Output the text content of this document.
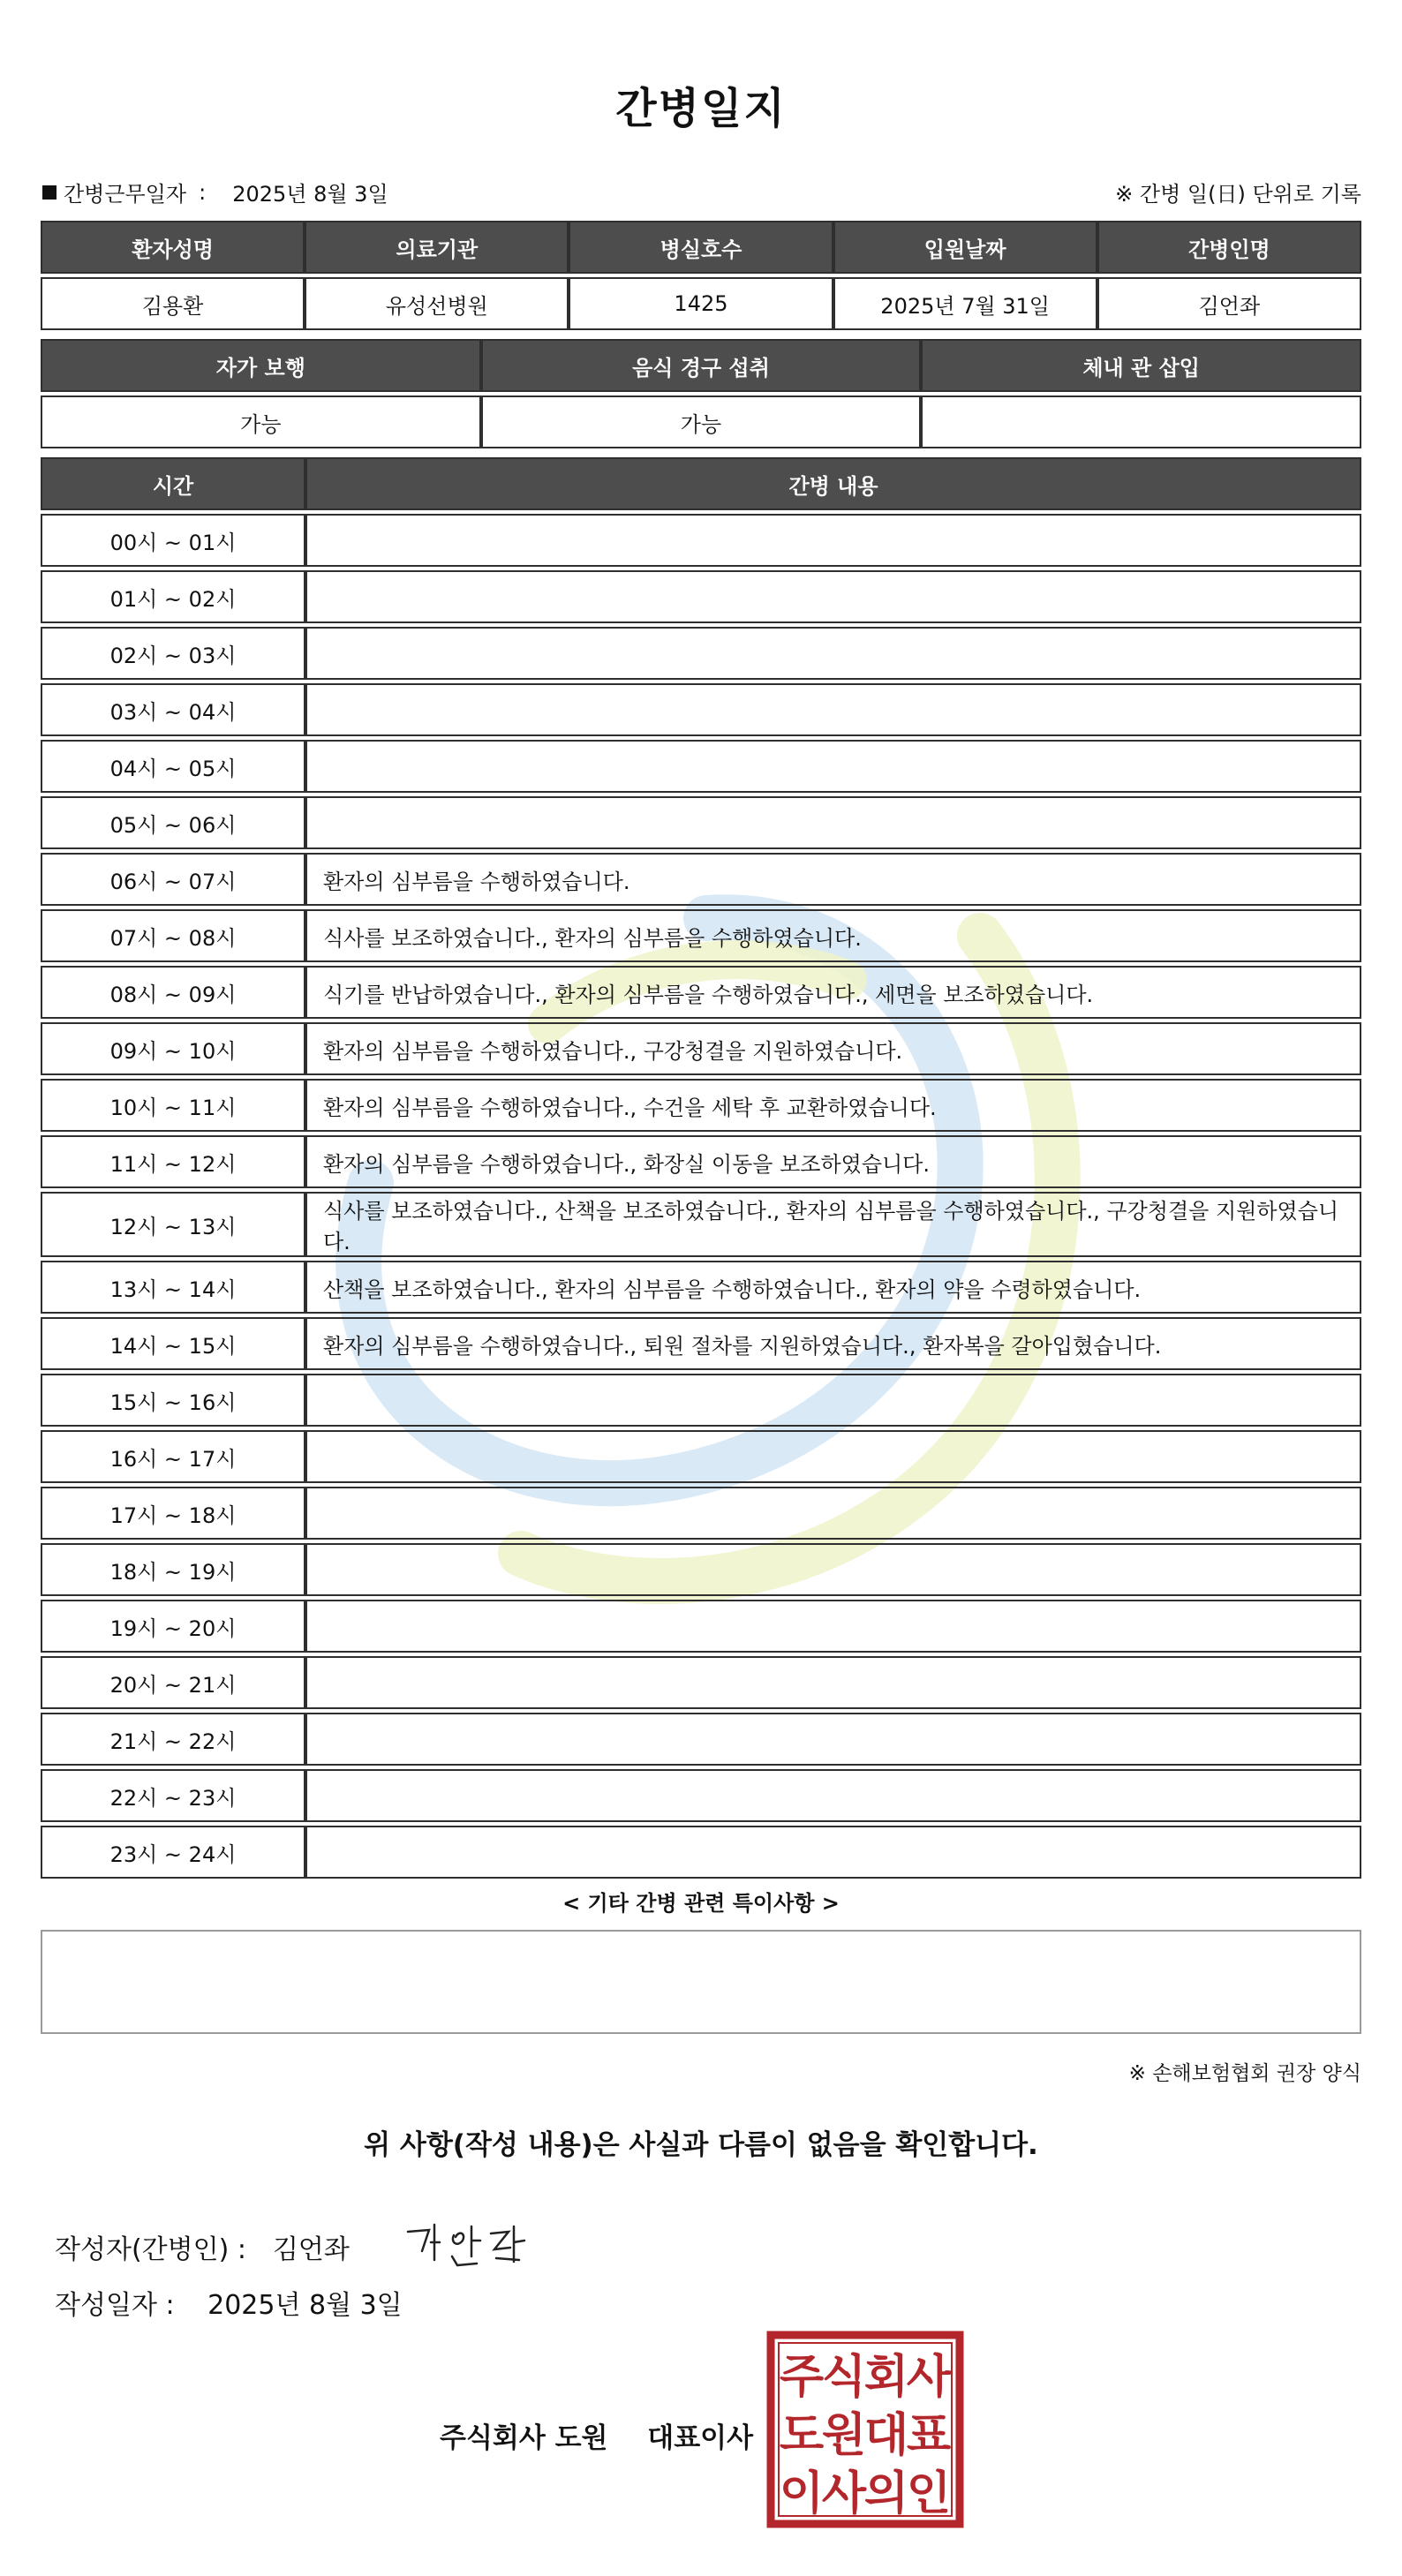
간병일지
간병근무일자 : 2025년 8월 3일	※ 간병 일(日) 단위로 기록
환자성명	의료기관	병실호수	입원날짜	간병인명
김용환	유성선병원	1425	2025년 7월 31일	김언좌
자가 보행	음식 경구 섭취	체내 관 삽입
가능	가능	
시간	간병 내용
00시 ~ 01시	
01시 ~ 02시	
02시 ~ 03시	
03시 ~ 04시	
04시 ~ 05시	
05시 ~ 06시	
06시 ~ 07시	환자의 심부름을 수행하였습니다.
07시 ~ 08시	식사를 보조하였습니다., 환자의 심부름을 수행하였습니다.
08시 ~ 09시	식기를 반납하였습니다., 환자의 심부름을 수행하였습니다., 세면을 보조하였습니다.
09시 ~ 10시	환자의 심부름을 수행하였습니다., 구강청결을 지원하였습니다.
10시 ~ 11시	환자의 심부름을 수행하였습니다., 수건을 세탁 후 교환하였습니다.
11시 ~ 12시	환자의 심부름을 수행하였습니다., 화장실 이동을 보조하였습니다.
12시 ~ 13시	식사를 보조하였습니다., 산책을 보조하였습니다., 환자의 심부름을 수행하였습니다., 구강청결을 지원하였습니다.
13시 ~ 14시	산책을 보조하였습니다., 환자의 심부름을 수행하였습니다., 환자의 약을 수령하였습니다.
14시 ~ 15시	환자의 심부름을 수행하였습니다., 퇴원 절차를 지원하였습니다., 환자복을 갈아입혔습니다.
15시 ~ 16시	
16시 ~ 17시	
17시 ~ 18시	
18시 ~ 19시	
19시 ~ 20시	
20시 ~ 21시	
21시 ~ 22시	
22시 ~ 23시	
23시 ~ 24시	
< 기타 간병 관련 특이사항 >
※ 손해보험협회 권장 양식
위 사항(작성 내용)은 사실과 다름이 없음을 확인합니다.
작성자(간병인) : 김언좌
작성일자 : 2025년 8월 3일
주식회사 도원 대표이사
주
식
회
사
도
원
대
표
이
사
의
인
